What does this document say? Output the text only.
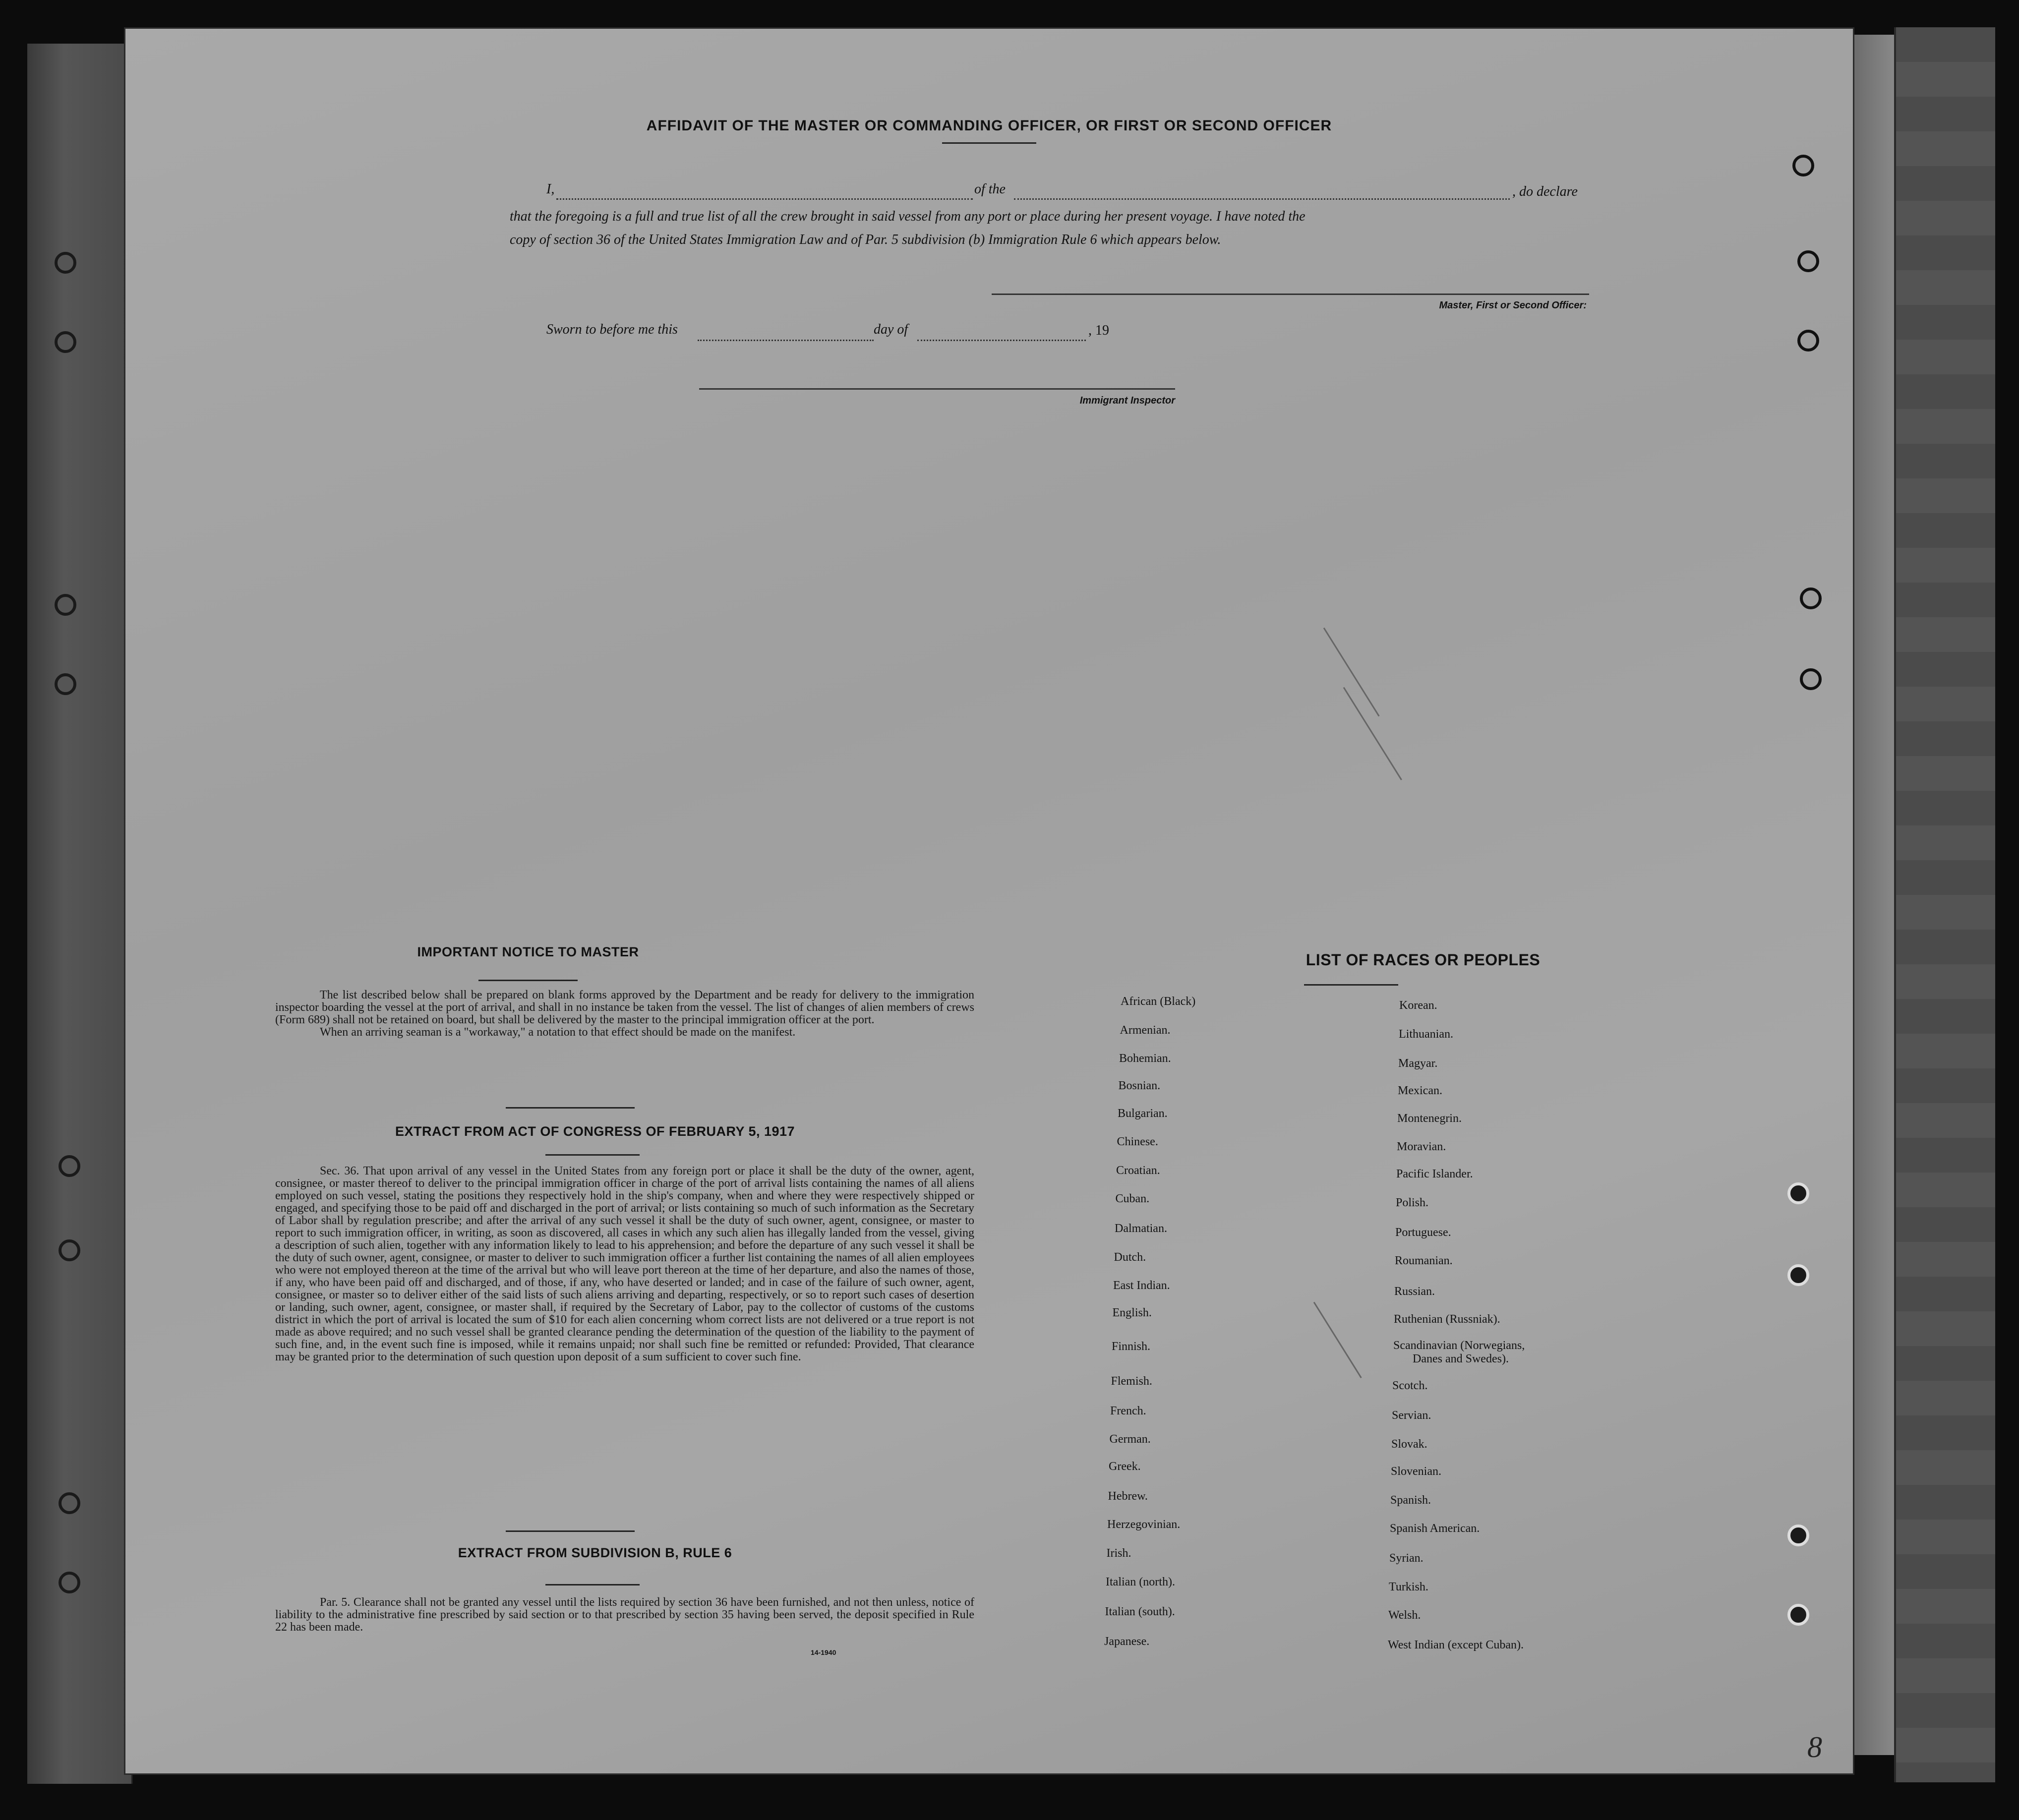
AFFIDAVIT OF THE MASTER OR COMMANDING OFFICER, OR FIRST OR SECOND OFFICER
I,	of the	, do declare
that the foregoing is a full and true list of all the crew brought in said vessel from any port or place during her present voyage. I have noted the
copy of section 36 of the United States Immigration Law and of Par. 5 subdivision (b) Immigration Rule 6 which appears below.
Master, First or Second Officer:
Sworn to before me this	day of	, 19
Immigrant Inspector
IMPORTANT NOTICE TO MASTER

The list described below shall be prepared on blank forms approved by the Department and be ready for delivery to the immigration inspector boarding the vessel at the port of arrival, and shall in no instance be taken from the vessel. The list of changes of alien members of crews (Form 689) shall not be retained on board, but shall be delivered by the master to the principal immigration officer at the port.

When an arriving seaman is a "workaway," a notation to that effect should be made on the manifest.

EXTRACT FROM ACT OF CONGRESS OF FEBRUARY 5, 1917

Sec. 36. That upon arrival of any vessel in the United States from any foreign port or place it shall be the duty of the owner, agent, consignee, or master thereof to deliver to the principal immigration officer in charge of the port of arrival lists containing the names of all aliens employed on such vessel, stating the positions they respectively hold in the ship's company, when and where they were respectively shipped or engaged, and specifying those to be paid off and discharged in the port of arrival; or lists containing so much of such information as the Secretary of Labor shall by regulation prescribe; and after the arrival of any such vessel it shall be the duty of such owner, agent, consignee, or master to report to such immigration officer, in writing, as soon as discovered, all cases in which any such alien has illegally landed from the vessel, giving a description of such alien, together with any information likely to lead to his apprehension; and before the departure of any such vessel it shall be the duty of such owner, agent, consignee, or master to deliver to such immigration officer a further list containing the names of all alien employees who were not employed thereon at the time of the arrival but who will leave port thereon at the time of her departure, and also the names of those, if any, who have been paid off and discharged, and of those, if any, who have deserted or landed; and in case of the failure of such owner, agent, consignee, or master so to deliver either of the said lists of such aliens arriving and departing, respectively, or so to report such cases of desertion or landing, such owner, agent, consignee, or master shall, if required by the Secretary of Labor, pay to the collector of customs of the customs district in which the port of arrival is located the sum of $10 for each alien concerning whom correct lists are not delivered or a true report is not made as above required; and no such vessel shall be granted clearance pending the determination of the question of the liability to the payment of such fine, and, in the event such fine is imposed, while it remains unpaid; nor shall such fine be remitted or refunded: Provided, That clearance may be granted prior to the determination of such question upon deposit of a sum sufficient to cover such fine.

EXTRACT FROM SUBDIVISION B, RULE 6

Par. 5. Clearance shall not be granted any vessel until the lists required by section 36 have been furnished, and not then unless, notice of liability to the administrative fine prescribed by said section or to that prescribed by section 35 having been served, the deposit specified in Rule 22 has been made.

14-1940
LIST OF RACES OR PEOPLES
African (Black)
Armenian.
Bohemian.
Bosnian.
Bulgarian.
Chinese.
Croatian.
Cuban.
Dalmatian.
Dutch.
East Indian.
English.
Finnish.
Flemish.
French.
German.
Greek.
Hebrew.
Herzegovinian.
Irish.
Italian (north).
Italian (south).
Japanese.
Korean.
Lithuanian.
Magyar.
Mexican.
Montenegrin.
Moravian.
Pacific Islander.
Polish.
Portuguese.
Roumanian.
Russian.
Ruthenian (Russniak).
Scandinavian (Norwegians,
Danes and Swedes).
Scotch.
Servian.
Slovak.
Slovenian.
Spanish.
Spanish American.
Syrian.
Turkish.
Welsh.
West Indian (except Cuban).
8
